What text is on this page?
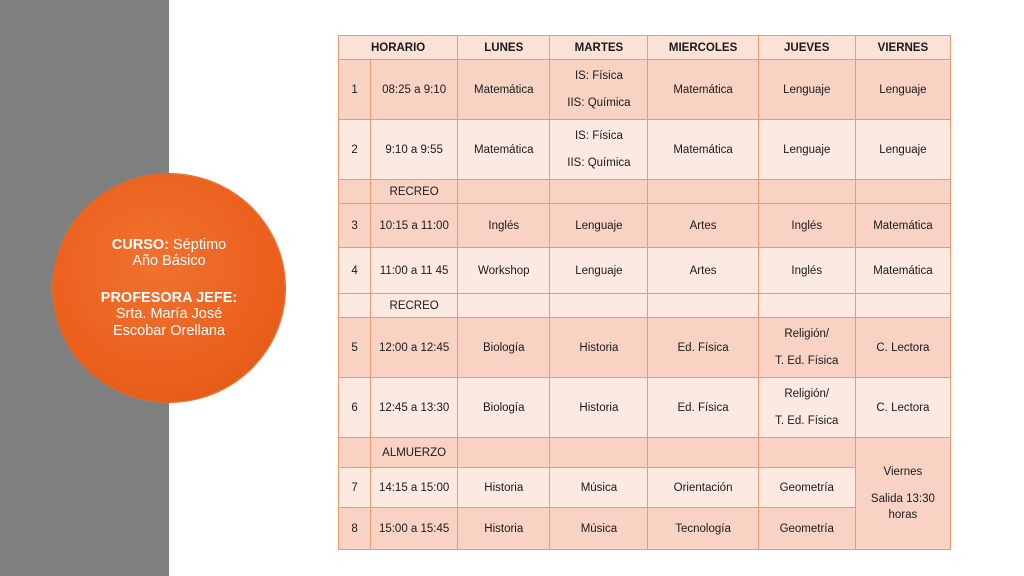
CURSO: Séptimo
Año Básico

PROFESORA JEFE:
Srta. María José
Escobar Orellana

HORARIO		LUNES	MARTES	MIERCOLES	JUEVES	VIERNES
1	08:25 a 9:10	Matemática	IS: Física
IIS: Química	Matemática	Lenguaje	Lenguaje
2	9:10 a 9:55	Matemática	IS: Física
IIS: Química	Matemática	Lenguaje	Lenguaje
	RECREO					
3	10:15 a 11:00	Inglés	Lenguaje	Artes	Inglés	Matemática
4	11:00 a 11 45	Workshop	Lenguaje	Artes	Inglés	Matemática
	RECREO					
5	12:00 a 12:45	Biología	Historia	Ed. Física	Religión/
T. Ed. Física	C. Lectora
6	12:45 a 13:30	Biología	Historia	Ed. Física	Religión/
T. Ed. Física	C. Lectora
	ALMUERZO					Viernes
Salida 13:30
horas

7	14:15 a 15:00	Historia	Música	Orientación	Geometría	
8	15:00 a 15:45	Historia	Música	Tecnología	Geometría	
